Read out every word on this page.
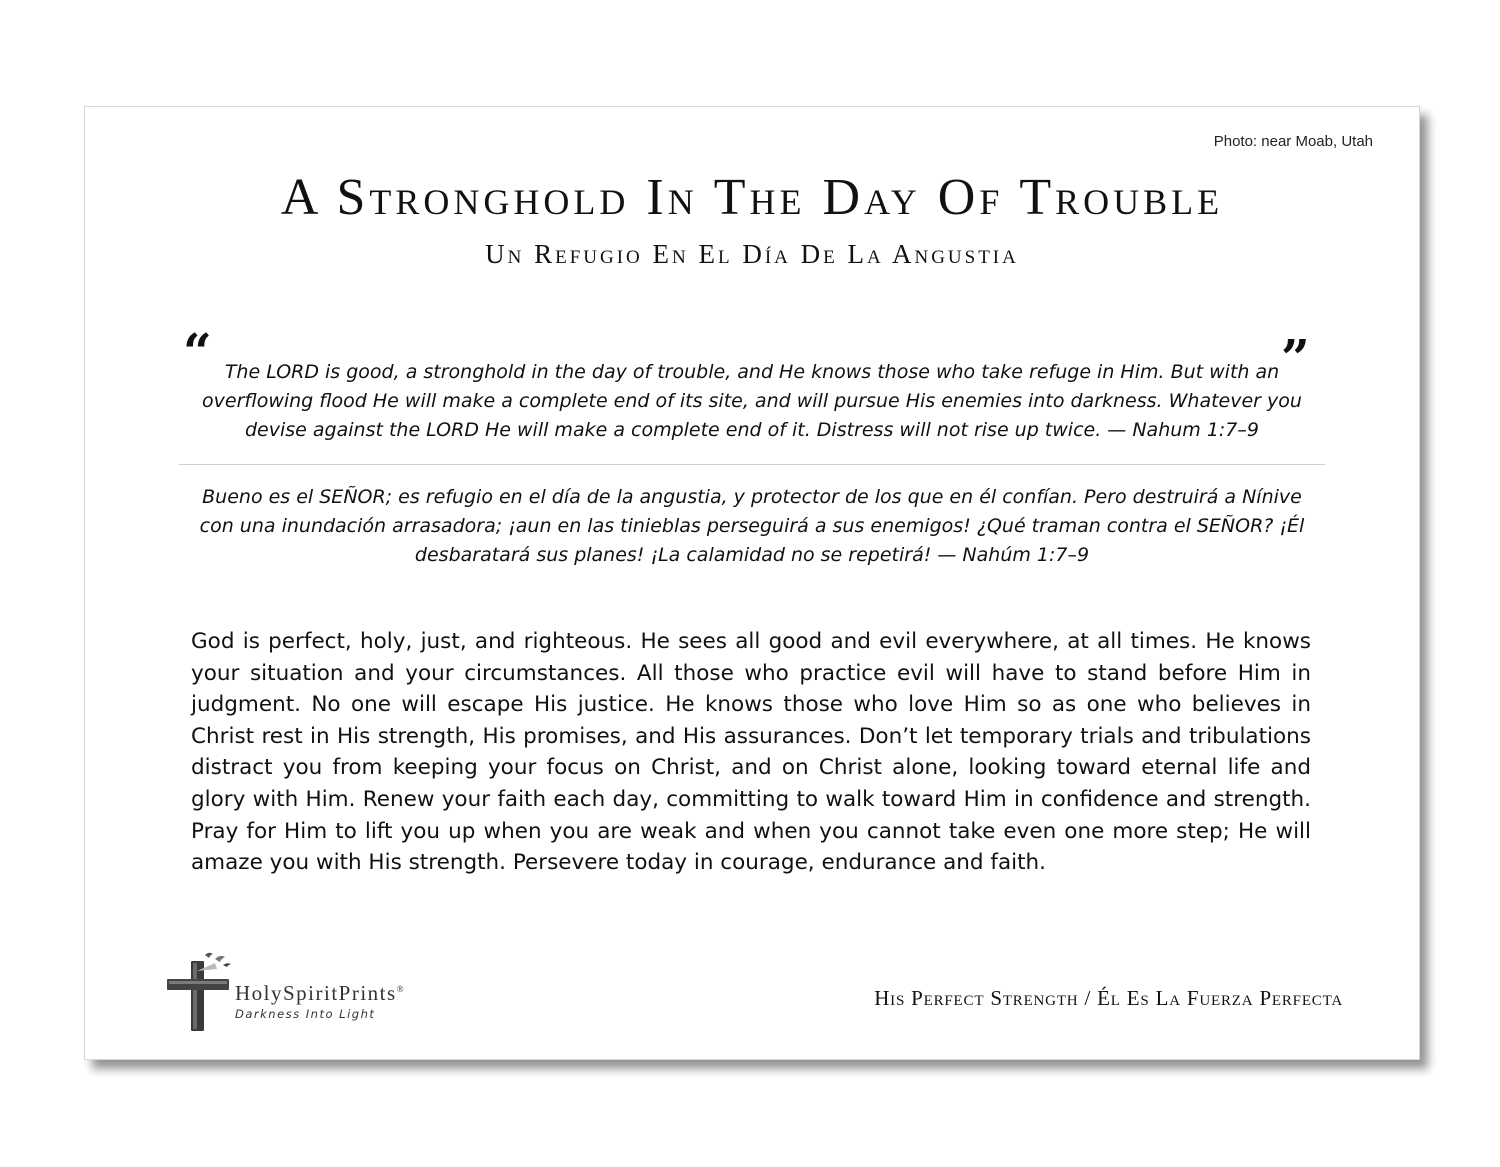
Photo: near Moab, Utah
A Stronghold In The Day Of Trouble
Un Refugio En El Día De La Angustia
“	”

The LORD is good, a stronghold in the day of trouble, and He knows those who take refuge in Him. But with an overflowing flood He will make a complete end of its site, and will pursue His enemies into darkness. Whatever you devise against the LORD He will make a complete end of it. Distress will not rise up twice. — Nahum 1:7–9

Bueno es el SEÑOR; es refugio en el día de la angustia, y protector de los que en él confían. Pero destruirá a Nínive con una inundación arrasadora; ¡aun en las tinieblas perseguirá a sus enemigos! ¿Qué traman contra el SEÑOR? ¡Él desbaratará sus planes! ¡La calamidad no se repetirá! — Nahúm 1:7–9

God is perfect, holy, just, and righteous. He sees all good and evil everywhere, at all times. He knows your situation and your circumstances. All those who practice evil will have to stand before Him in judgment. No one will escape His justice. He knows those who love Him so as one who believes in Christ rest in His strength, His promises, and His assurances. Don’t let temporary trials and tribulations distract you from keeping your focus on Christ, and on Christ alone, looking toward eternal life and glory with Him. Renew your faith each day, committing to walk toward Him in confidence and strength. Pray for Him to lift you up when you are weak and when you cannot take even one more step; He will amaze you with His strength. Persevere today in courage, endurance and faith.

HolySpiritPrints®
Darkness Into Light
His Perfect Strength / Él Es La Fuerza Perfecta
